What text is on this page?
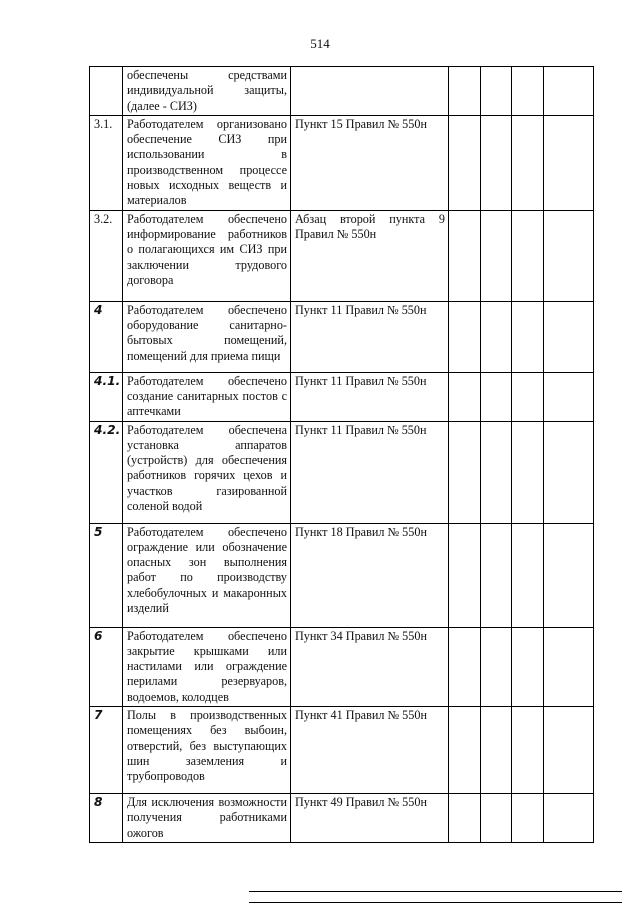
514
	обеспечены средствами индивидуальной защиты, (далее - СИЗ)					
3.1.	Работодателем организовано обеспечение СИЗ при использовании в производственном процессе новых исходных веществ и материалов	Пункт 15 Правил № 550н				
3.2.	Работодателем обеспечено информирование работников о полагающихся им СИЗ при заключении трудового договора	Абзац второй пункта 9 Правил № 550н				
4	Работодателем обеспечено оборудование санитарно-бытовых помещений, помещений для приема пищи	Пункт 11 Правил № 550н				
4.1.	Работодателем обеспечено создание санитарных постов с аптечками	Пункт 11 Правил № 550н				
4.2.	Работодателем обеспечена установка аппаратов (устройств) для обеспечения работников горячих цехов и участков газированной соленой водой	Пункт 11 Правил № 550н				
5	Работодателем обеспечено ограждение или обозначение опасных зон выполнения работ по производству хлебобулочных и макаронных изделий	Пункт 18 Правил № 550н				
6	Работодателем обеспечено закрытие крышками или настилами или ограждение перилами резервуаров, водоемов, колодцев	Пункт 34 Правил № 550н				
7	Полы в производственных помещениях без выбоин, отверстий, без выступающих шин заземления и трубопроводов	Пункт 41 Правил № 550н				
8	Для исключения возможности получения работниками ожогов	Пункт 49 Правил № 550н				
